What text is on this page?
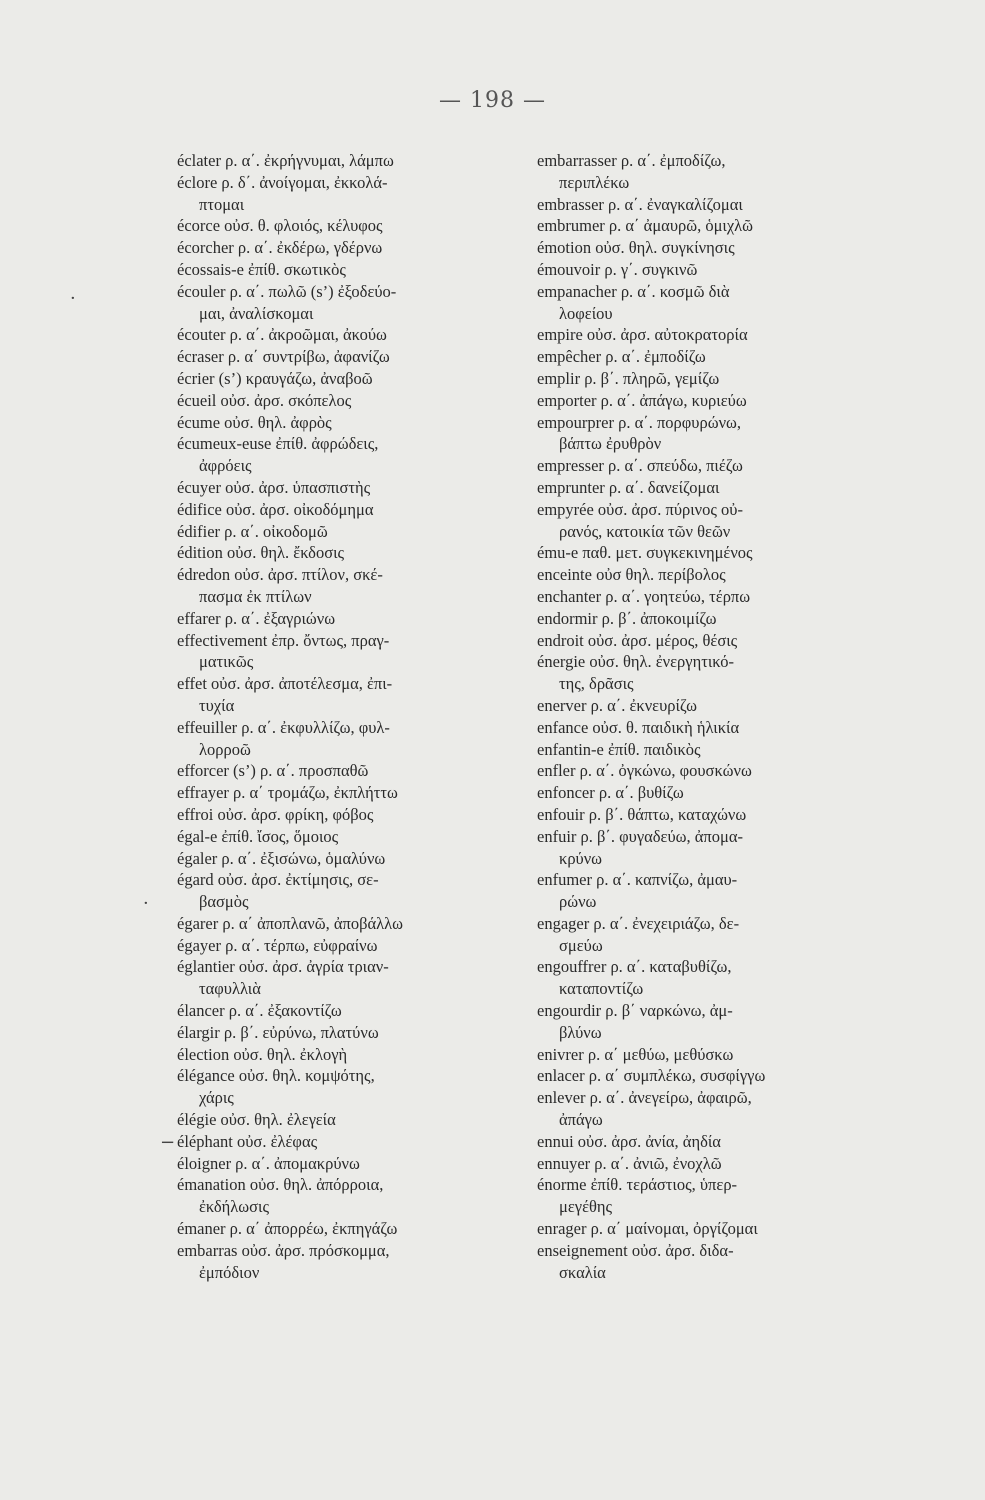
— 198 —
éclater ρ. α΄. ἐκρήγνυμαι, λάμπω
éclore ρ. δ΄. ἀνοίγομαι, ἐκκολά-
πτομαι
écorce οὐσ. θ. φλοιός, κέλυφος
écorcher ρ. α΄. ἐκδέρω, γδέρνω
écossais-e ἐπίθ. σκωτικὸς
écouler ρ. α΄. πωλῶ (s’) ἐξοδεύο-
μαι, ἀναλίσκομαι
écouter ρ. α΄. ἀκροῶμαι, ἀκούω
écraser ρ. α΄ συντρίβω, ἀφανίζω
écrier (s’) κραυγάζω, ἀναβοῶ
écueil οὐσ. ἀρσ. σκόπελος
écume οὐσ. θηλ. ἀφρὸς
écumeux-euse ἐπίθ. ἀφρώδεις,
ἀφρόεις
écuyer οὐσ. ἀρσ. ὑπασπιστὴς
édifice οὐσ. ἀρσ. οἰκοδόμημα
édifier ρ. α΄. οἰκοδομῶ
édition οὐσ. θηλ. ἔκδοσις
édredon οὐσ. ἀρσ. πτίλον, σκέ-
πασμα ἐκ πτίλων
effarer ρ. α΄. ἐξαγριώνω
effectivement ἐπρ. ὄντως, πραγ-
ματικῶς
effet οὐσ. ἀρσ. ἀποτέλεσμα, ἐπι-
τυχία
effeuiller ρ. α΄. ἐκφυλλίζω, φυλ-
λορροῶ
efforcer (s’) ρ. α΄. προσπαθῶ
effrayer ρ. α΄ τρομάζω, ἐκπλήττω
effroi οὐσ. ἀρσ. φρίκη, φόβος
égal-e ἐπίθ. ἴσος, ὅμοιος
égaler ρ. α΄. ἐξισώνω, ὁμαλύνω
égard οὐσ. ἀρσ. ἐκτίμησις, σε-
βασμὸς
égarer ρ. α΄ ἀποπλανῶ, ἀποβάλλω
égayer ρ. α΄. τέρπω, εὐφραίνω
églantier οὐσ. ἀρσ. ἀγρία τριαν-
ταφυλλιὰ
élancer ρ. α΄. ἐξακοντίζω
élargir ρ. β΄. εὐρύνω, πλατύνω
élection οὐσ. θηλ. ἐκλογὴ
élégance οὐσ. θηλ. κομψότης,
χάρις
élégie οὐσ. θηλ. ἐλεγεία
éléphant οὐσ. ἐλέφας
éloigner ρ. α΄. ἀπομακρύνω
émanation οὐσ. θηλ. ἀπόρροια,
ἐκδήλωσις
émaner ρ. α΄ ἀπορρέω, ἐκπηγάζω
embarras οὐσ. ἀρσ. πρόσκομμα,
ἐμπόδιον
embarrasser ρ. α΄. ἐμποδίζω,
περιπλέκω
embrasser ρ. α΄. ἐναγκαλίζομαι
embrumer ρ. α΄ ἀμαυρῶ, ὁμιχλῶ
émotion οὐσ. θηλ. συγκίνησις
émouvoir ρ. γ΄. συγκινῶ
empanacher ρ. α΄. κοσμῶ διὰ
λοφείου
empire οὐσ. ἀρσ. αὐτοκρατορία
empêcher ρ. α΄. ἐμποδίζω
emplir ρ. β΄. πληρῶ, γεμίζω
emporter ρ. α΄. ἀπάγω, κυριεύω
empourprer ρ. α΄. πορφυρώνω,
βάπτω ἐρυθρὸν
empresser ρ. α΄. σπεύδω, πιέζω
emprunter ρ. α΄. δανείζομαι
empyrée οὐσ. ἀρσ. πύρινος οὐ-
ρανός, κατοικία τῶν θεῶν
ému-e παθ. μετ. συγκεκινημένος
enceinte οὐσ θηλ. περίβολος
enchanter ρ. α΄. γοητεύω, τέρπω
endormir ρ. β΄. ἀποκοιμίζω
endroit οὐσ. ἀρσ. μέρος, θέσις
énergie οὐσ. θηλ. ἐνεργητικό-
της, δρᾶσις
enerver ρ. α΄. ἐκνευρίζω
enfance οὐσ. θ. παιδικὴ ἡλικία
enfantin-e ἐπίθ. παιδικὸς
enfler ρ. α΄. ὀγκώνω, φουσκώνω
enfoncer ρ. α΄. βυθίζω
enfouir ρ. β΄. θάπτω, καταχώνω
enfuir ρ. β΄. φυγαδεύω, ἀπομα-
κρύνω
enfumer ρ. α΄. καπνίζω, ἀμαυ-
ρώνω
engager ρ. α΄. ἐνεχειριάζω, δε-
σμεύω
engouffrer ρ. α΄. καταβυθίζω,
καταποντίζω
engourdir ρ. β΄ ναρκώνω, ἀμ-
βλύνω
enivrer ρ. α΄ μεθύω, μεθύσκω
enlacer ρ. α΄ συμπλέκω, συσφίγγω
enlever ρ. α΄. ἀνεγείρω, ἀφαιρῶ,
ἀπάγω
ennui οὐσ. ἀρσ. ἀνία, ἀηδία
ennuyer ρ. α΄. ἀνιῶ, ἐνοχλῶ
énorme ἐπίθ. τεράστιος, ὑπερ-
μεγέθης
enrager ρ. α΄ μαίνομαι, ὀργίζομαι
enseignement οὐσ. ἀρσ. διδα-
σκαλία
·
·
−
